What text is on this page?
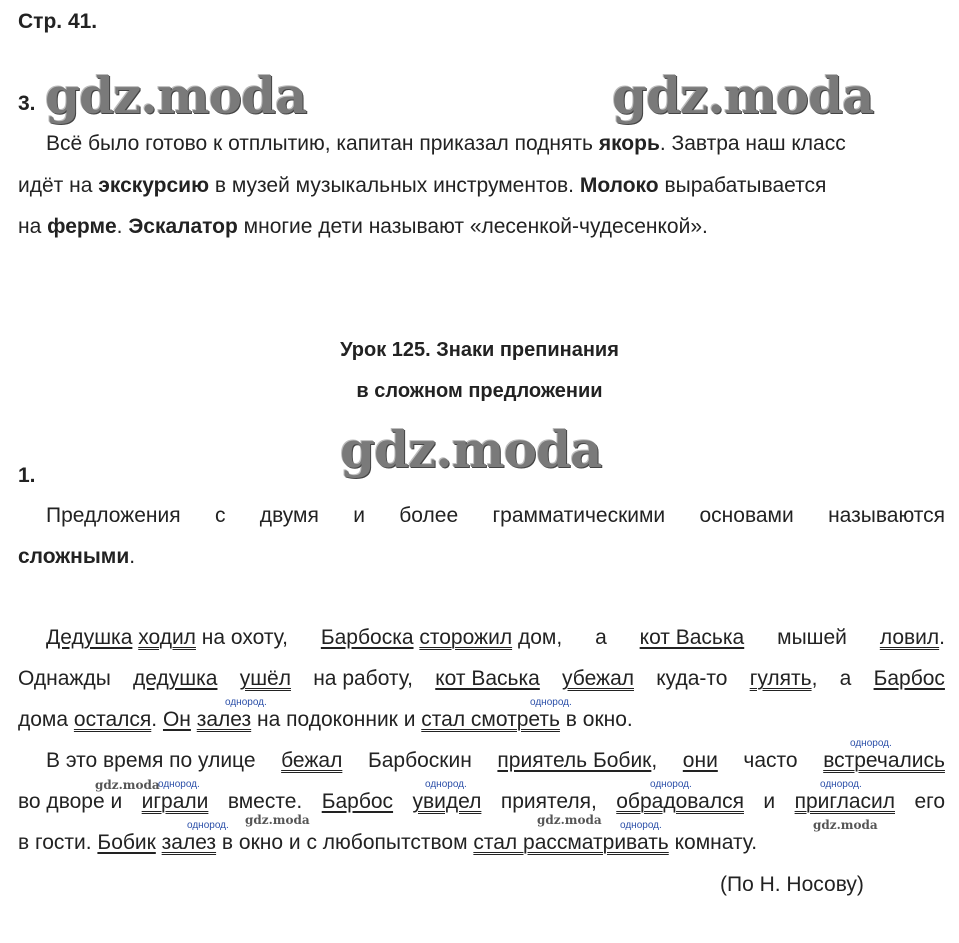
Стр. 41.
gdz.moda	gdz.moda
gdz.moda
3.
Всё было готово к отплытию, капитан приказал поднять якорь. Завтра наш класс
идёт на экскурсию в музей музыкальных инструментов. Молоко вырабатывается
на ферме. Эскалатор многие дети называют «лесенкой-чудесенкой».
Урок 125. Знаки препинания
в сложном предложении
1.
Предложения с двумя и более грамматическими основами называются
сложными.
Дедушка ходил на охоту, Барбоска сторожил дом, а кот Васька мышей ловил.
Однажды дедушка ушёл на работу, кот Васька убежал куда-то гулять, а Барбос
дома остался. Он залез на подоконник и стал смотреть в окно.
В это время по улице бежал Барбоскин приятель Бобик, они часто встречались
во дворе и играли вместе. Барбос увидел приятеля, обрадовался и пригласил его
в гости. Бобик залез в окно и с любопытством стал рассматривать комнату.
(По Н. Носову)
однород.	однород.
однород.
однород.	однород.	однород.	однород.
однород.	однород.
gdz.moda
gdz.moda	gdz.moda	gdz.moda
